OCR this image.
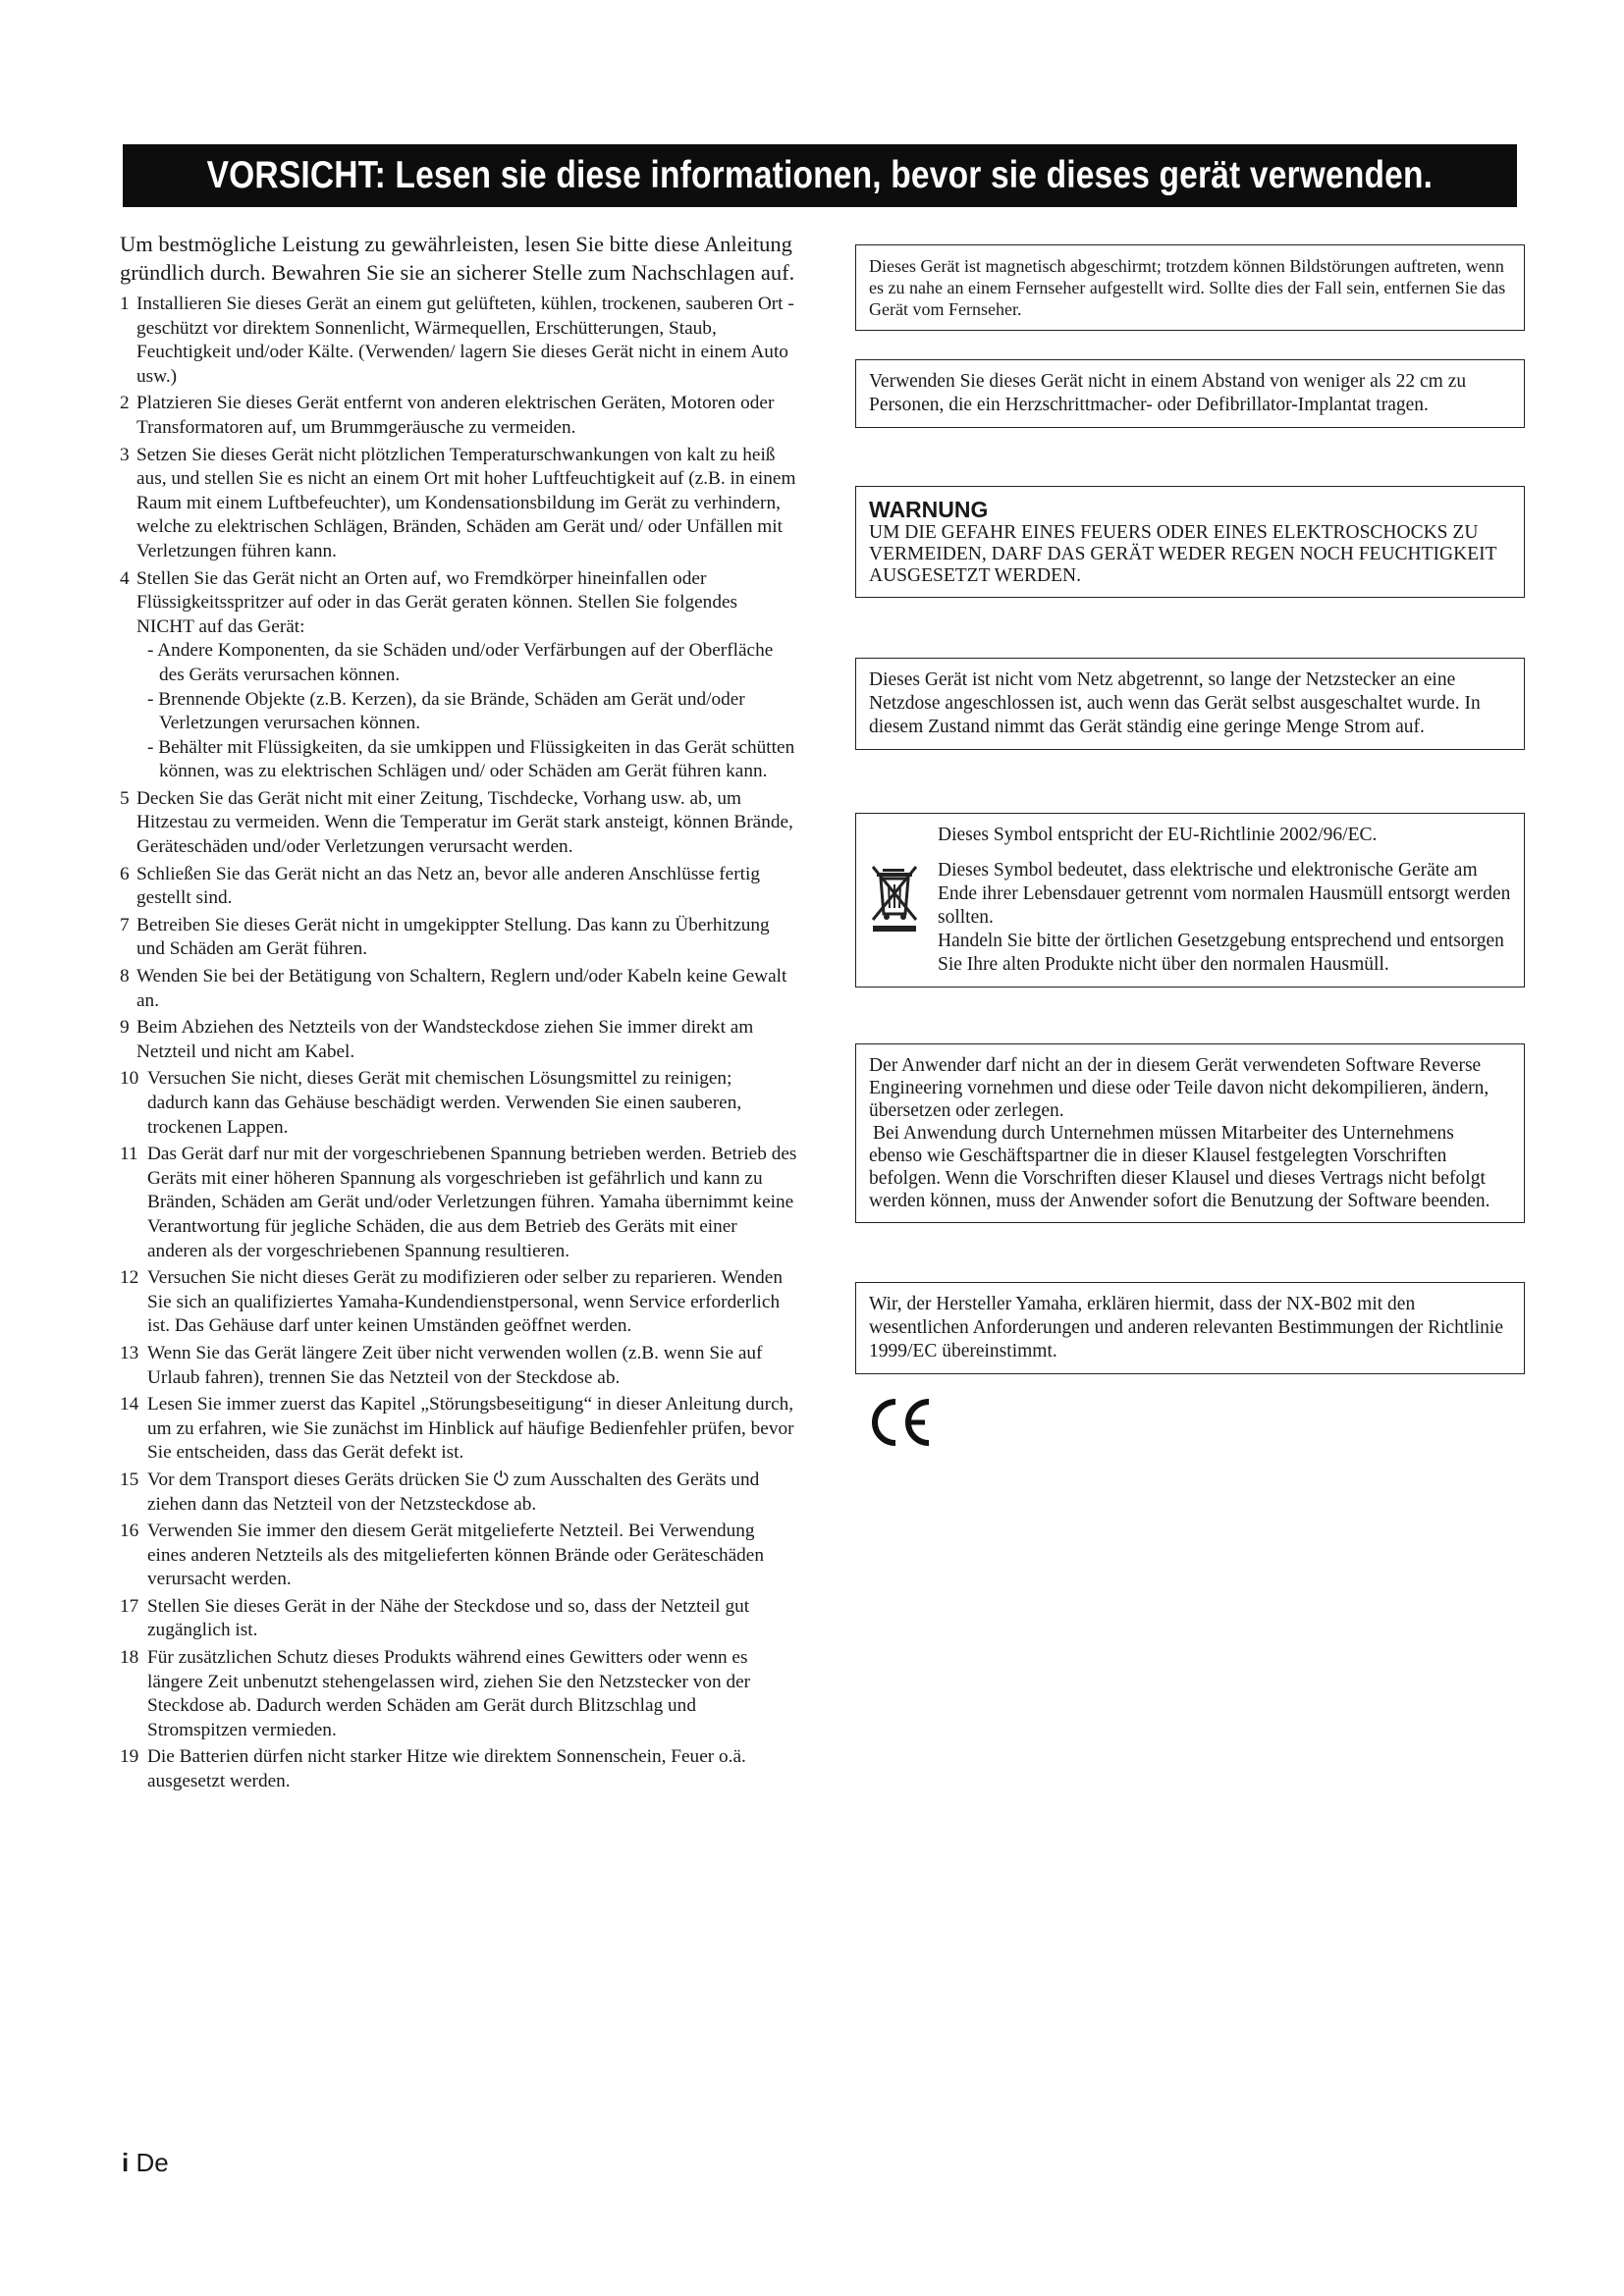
VORSICHT: Lesen sie diese informationen, bevor sie dieses gerät verwenden.
Um bestmögliche Leistung zu gewährleisten, lesen Sie bitte diese Anleitung gründlich durch. Bewahren Sie sie an sicherer Stelle zum Nachschlagen auf.
1 Installieren Sie dieses Gerät an einem gut gelüfteten, kühlen, trockenen, sauberen Ort - geschützt vor direktem Sonnenlicht, Wärmequellen, Erschütterungen, Staub, Feuchtigkeit und/oder Kälte. (Verwenden/ lagern Sie dieses Gerät nicht in einem Auto usw.)
2 Platzieren Sie dieses Gerät entfernt von anderen elektrischen Geräten, Motoren oder Transformatoren auf, um Brummgeräusche zu vermeiden.
3 Setzen Sie dieses Gerät nicht plötzlichen Temperaturschwankungen von kalt zu heiß aus, und stellen Sie es nicht an einem Ort mit hoher Luftfeuchtigkeit auf (z.B. in einem Raum mit einem Luftbefeuchter), um Kondensationsbildung im Gerät zu verhindern, welche zu elektrischen Schlägen, Bränden, Schäden am Gerät und/ oder Unfällen mit Verletzungen führen kann.
4 Stellen Sie das Gerät nicht an Orten auf, wo Fremdkörper hineinfallen oder Flüssigkeitsspritzer auf oder in das Gerät geraten können. Stellen Sie folgendes NICHT auf das Gerät:
- Andere Komponenten, da sie Schäden und/oder Verfärbungen auf der Oberfläche des Geräts verursachen können.
- Brennende Objekte (z.B. Kerzen), da sie Brände, Schäden am Gerät und/oder Verletzungen verursachen können.
- Behälter mit Flüssigkeiten, da sie umkippen und Flüssigkeiten in das Gerät schütten können, was zu elektrischen Schlägen und/ oder Schäden am Gerät führen kann.
5 Decken Sie das Gerät nicht mit einer Zeitung, Tischdecke, Vorhang usw. ab, um Hitzestau zu vermeiden. Wenn die Temperatur im Gerät stark ansteigt, können Brände, Geräteschäden und/oder Verletzungen verursacht werden.
6 Schließen Sie das Gerät nicht an das Netz an, bevor alle anderen Anschlüsse fertig gestellt sind.
7 Betreiben Sie dieses Gerät nicht in umgekippter Stellung. Das kann zu Überhitzung und Schäden am Gerät führen.
8 Wenden Sie bei der Betätigung von Schaltern, Reglern und/oder Kabeln keine Gewalt an.
9 Beim Abziehen des Netzteils von der Wandsteckdose ziehen Sie immer direkt am Netzteil und nicht am Kabel.
10 Versuchen Sie nicht, dieses Gerät mit chemischen Lösungsmittel zu reinigen; dadurch kann das Gehäuse beschädigt werden. Verwenden Sie einen sauberen, trockenen Lappen.
11 Das Gerät darf nur mit der vorgeschriebenen Spannung betrieben werden. Betrieb des Geräts mit einer höheren Spannung als vorgeschrieben ist gefährlich und kann zu Bränden, Schäden am Gerät und/oder Verletzungen führen. Yamaha übernimmt keine Verantwortung für jegliche Schäden, die aus dem Betrieb des Geräts mit einer anderen als der vorgeschriebenen Spannung resultieren.
12 Versuchen Sie nicht dieses Gerät zu modifizieren oder selber zu reparieren. Wenden Sie sich an qualifiziertes Yamaha-Kundendienstpersonal, wenn Service erforderlich ist. Das Gehäuse darf unter keinen Umständen geöffnet werden.
13 Wenn Sie das Gerät längere Zeit über nicht verwenden wollen (z.B. wenn Sie auf Urlaub fahren), trennen Sie das Netzteil von der Steckdose ab.
14 Lesen Sie immer zuerst das Kapitel „Störungsbeseitigung“ in dieser Anleitung durch, um zu erfahren, wie Sie zunächst im Hinblick auf häufige Bedienfehler prüfen, bevor Sie entscheiden, dass das Gerät defekt ist.
15 Vor dem Transport dieses Geräts drücken Sie ⏻ zum Ausschalten des Geräts und ziehen dann das Netzteil von der Netzsteckdose ab.
16 Verwenden Sie immer den diesem Gerät mitgelieferte Netzteil. Bei Verwendung eines anderen Netzteils als des mitgelieferten können Brände oder Geräteschäden verursacht werden.
17 Stellen Sie dieses Gerät in der Nähe der Steckdose und so, dass der Netzteil gut zugänglich ist.
18 Für zusätzlichen Schutz dieses Produkts während eines Gewitters oder wenn es längere Zeit unbenutzt stehengelassen wird, ziehen Sie den Netzstecker von der Steckdose ab. Dadurch werden Schäden am Gerät durch Blitzschlag und Stromspitzen vermieden.
19 Die Batterien dürfen nicht starker Hitze wie direktem Sonnenschein, Feuer o.ä. ausgesetzt werden.
Dieses Gerät ist magnetisch abgeschirmt; trotzdem können Bildstörungen auftreten, wenn es zu nahe an einem Fernseher aufgestellt wird. Sollte dies der Fall sein, entfernen Sie das Gerät vom Fernseher.
Verwenden Sie dieses Gerät nicht in einem Abstand von weniger als 22 cm zu Personen, die ein Herzschrittmacher- oder Defibrillator-Implantat tragen.
WARNUNG
UM DIE GEFAHR EINES FEUERS ODER EINES ELEKTROSCHOCKS ZU VERMEIDEN, DARF DAS GERÄT WEDER REGEN NOCH FEUCHTIGKEIT AUSGESETZT WERDEN.
Dieses Gerät ist nicht vom Netz abgetrennt, so lange der Netzstecker an eine Netzdose angeschlossen ist, auch wenn das Gerät selbst ausgeschaltet wurde. In diesem Zustand nimmt das Gerät ständig eine geringe Menge Strom auf.

Dieses Symbol entspricht der EU-Richtlinie 2002/96/EC.

Dieses Symbol bedeutet, dass elektrische und elektronische Geräte am Ende ihrer Lebensdauer getrennt vom normalen Hausmüll entsorgt werden sollten.

Handeln Sie bitte der örtlichen Gesetzgebung entsprechend und entsorgen Sie Ihre alten Produkte nicht über den normalen Hausmüll.

Der Anwender darf nicht an der in diesem Gerät verwendeten Software Reverse Engineering vornehmen und diese oder Teile davon nicht dekompilieren, ändern, übersetzen oder zerlegen.
Bei Anwendung durch Unternehmen müssen Mitarbeiter des Unternehmens ebenso wie Geschäftspartner die in dieser Klausel festgelegten Vorschriften befolgen. Wenn die Vorschriften dieser Klausel und dieses Vertrags nicht befolgt werden können, muss der Anwender sofort die Benutzung der Software beenden.
Wir, der Hersteller Yamaha, erklären hiermit, dass der NX-B02 mit den wesentlichen Anforderungen und anderen relevanten Bestimmungen der Richtlinie 1999/EC übereinstimmt.
i De
